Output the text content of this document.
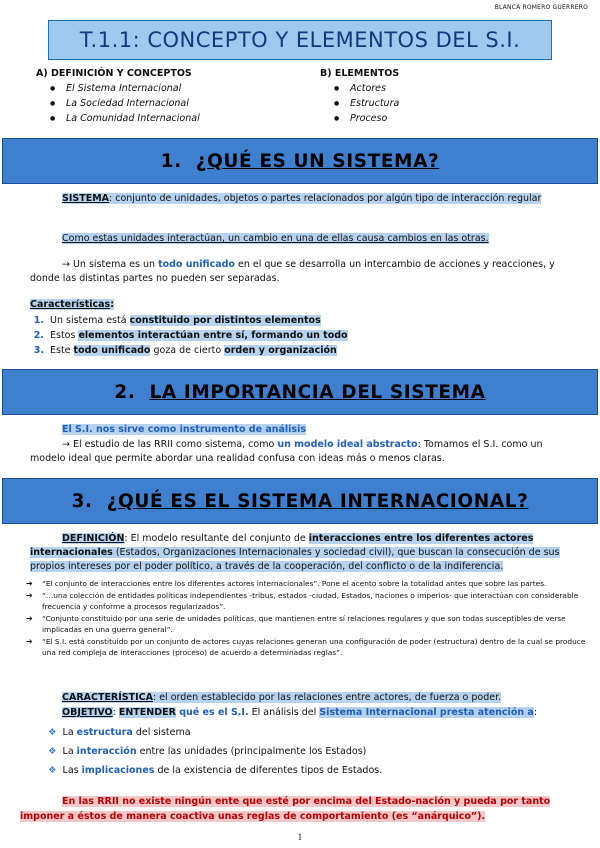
BLANCA ROMERO GUERRERO
T.1.1: CONCEPTO Y ELEMENTOS DEL S.I.
A) DEFINICIÓN Y CONCEPTOS
● El Sistema Internacional
● La Sociedad Internacional
● La Comunidad Internacional
B) ELEMENTOS
● Actores
● Estructura
● Proceso
1. ¿QUÉ ES UN SISTEMA?
SISTEMA: conjunto de unidades, objetos o partes relacionados por algún tipo de interacción regular
Como estas unidades interactúan, un cambio en una de ellas causa cambios en las otras.
→ Un sistema es un todo unificado en el que se desarrolla un intercambio de acciones y reacciones, y donde las distintas partes no pueden ser separadas.
Características:
1. Un sistema está constituido por distintos elementos
2. Estos elementos interactúan entre sí, formando un todo
3. Este todo unificado goza de cierto orden y organización
2. LA IMPORTANCIA DEL SISTEMA
El S.I. nos sirve como instrumento de análisis
→ El estudio de las RRII como sistema, como un modelo ideal abstracto: Tomamos el S.I. como un modelo ideal que permite abordar una realidad confusa con ideas más o menos claras.
3. ¿QUÉ ES EL SISTEMA INTERNACIONAL?
DEFINICIÓN: El modelo resultante del conjunto de interacciones entre los diferentes actores internacionales (Estados, Organizaciones Internacionales y sociedad civil), que buscan la consecución de sus propios intereses por el poder político, a través de la cooperación, del conflicto o de la indiferencia.
➔ “El conjunto de interacciones entre los diferentes actores internacionales”. Pone el acento sobre la totalidad antes que sobre las partes.
➔ “…una colección de entidades políticas independientes -tribus, estados -ciudad, Estados, naciones o imperios- que interactúan con considerable frecuencia y conforme a procesos regularizados”.
➔ “Conjunto constituido por una serie de unidades políticas, que mantienen entre sí relaciones regulares y que son todas susceptibles de verse implicadas en una guerra general”.
➔ “El S.I. está constituido por un conjunto de actores cuyas relaciones generan una configuración de poder (estructura) dentro de la cual se produce una red compleja de interacciones (proceso) de acuerdo a determinadas reglas”.
CARACTERÍSTICA: el orden establecido por las relaciones entre actores, de fuerza o poder.
OBJETIVO: ENTENDER qué es el S.I. El análisis del Sistema Internacional presta atención a:
❖ La estructura del sistema
❖ La interacción entre las unidades (principalmente los Estados)
❖ Las implicaciones de la existencia de diferentes tipos de Estados.
En las RRII no existe ningún ente que esté por encima del Estado-nación y pueda por tanto imponer a éstos de manera coactiva unas reglas de comportamiento (es “anárquico”).
1
